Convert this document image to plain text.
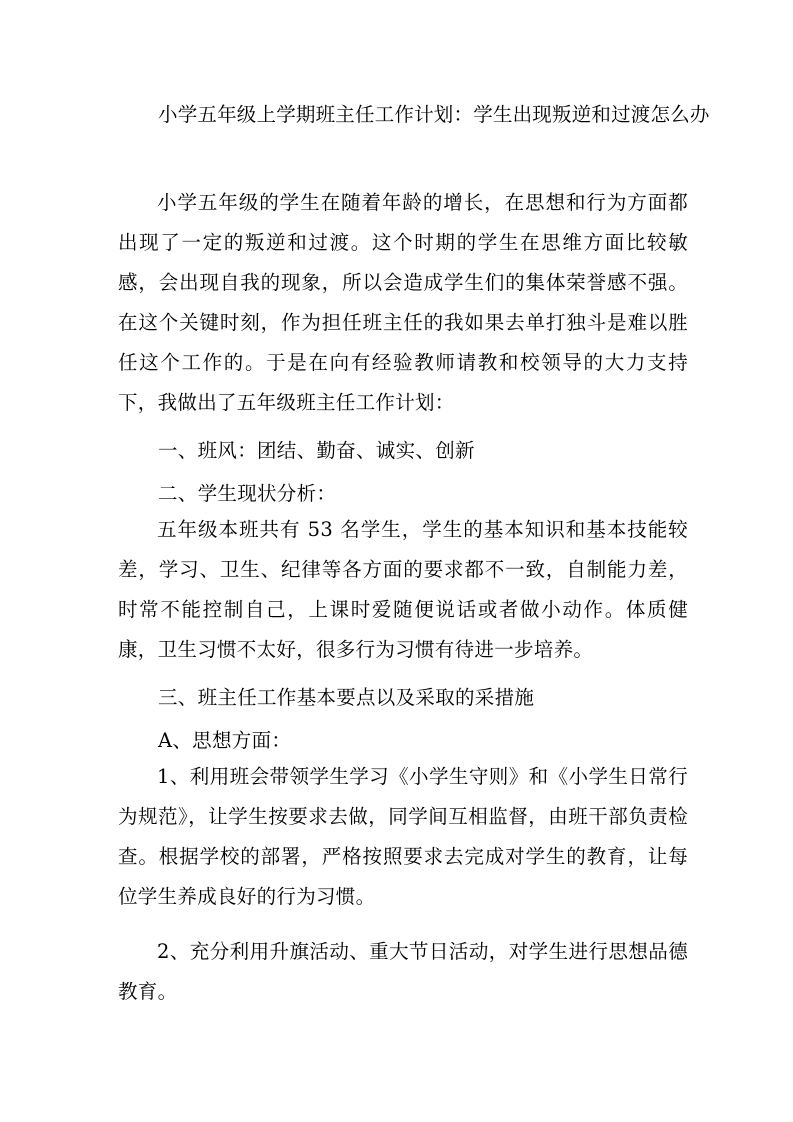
小学五年级上学期班主任工作计划：学生出现叛逆和过渡怎么办

小学五年级的学生在随着年龄的增长，在思想和行为方面都出现了一定的叛逆和过渡。这个时期的学生在思维方面比较敏感，会出现自我的现象，所以会造成学生们的集体荣誉感不强。在这个关键时刻，作为担任班主任的我如果去单打独斗是难以胜任这个工作的。于是在向有经验教师请教和校领导的大力支持下，我做出了五年级班主任工作计划：

一、班风：团结、勤奋、诚实、创新

二、学生现状分析：

五年级本班共有 53 名学生，学生的基本知识和基本技能较差，学习、卫生、纪律等各方面的要求都不一致，自制能力差，时常不能控制自己，上课时爱随便说话或者做小动作。体质健康，卫生习惯不太好，很多行为习惯有待进一步培养。

三、班主任工作基本要点以及采取的采措施

A、思想方面：

1、利用班会带领学生学习《小学生守则》和《小学生日常行为规范》，让学生按要求去做，同学间互相监督，由班干部负责检查。根据学校的部署，严格按照要求去完成对学生的教育，让每位学生养成良好的行为习惯。

2、充分利用升旗活动、重大节日活动，对学生进行思想品德教育。
